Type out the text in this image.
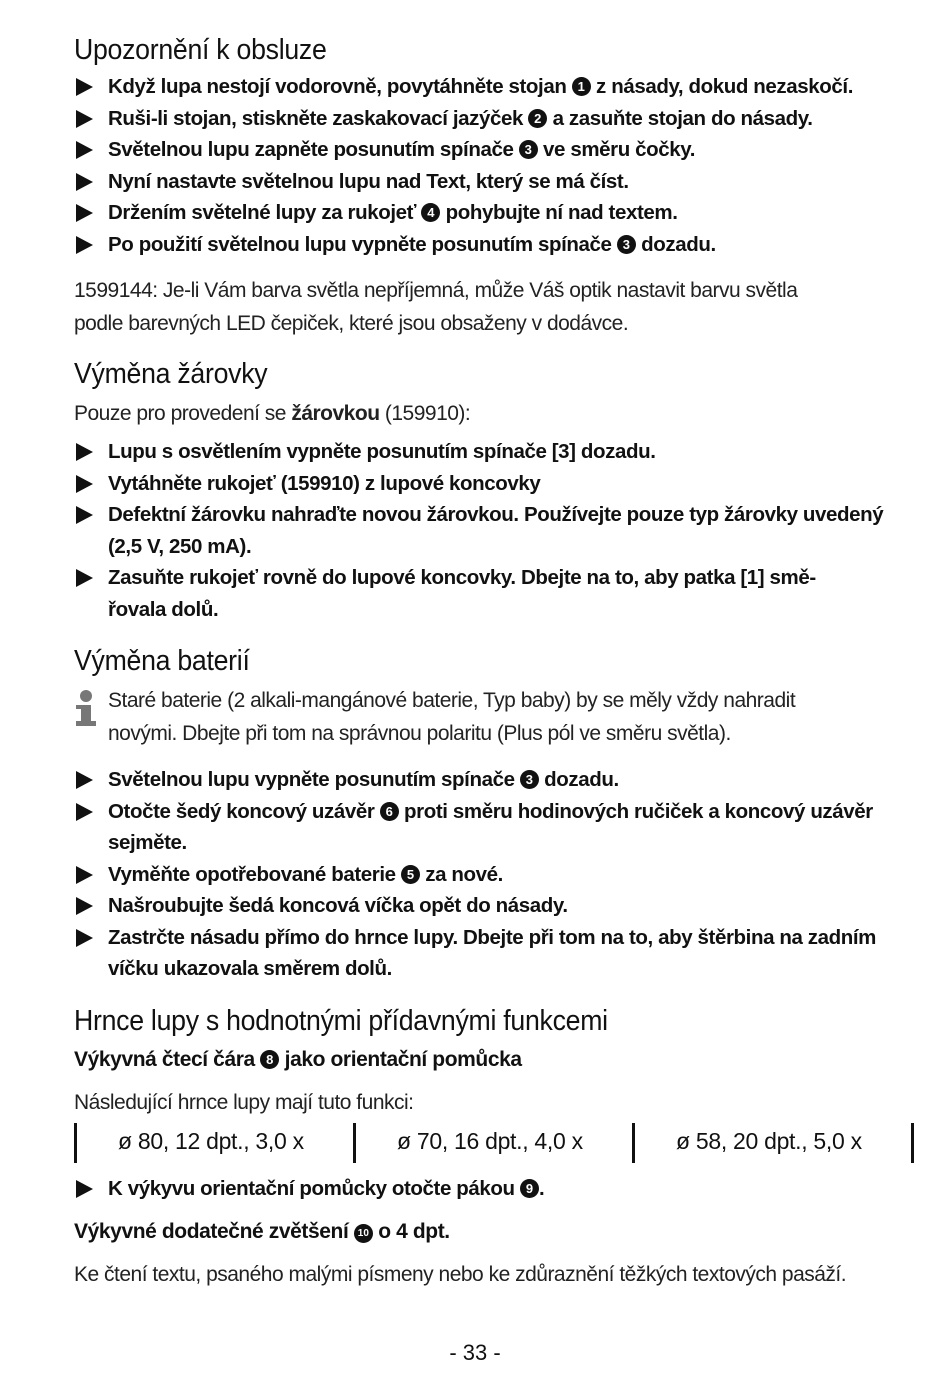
Upozornění k obsluze
Když lupa nestojí vodorovně, povytáhněte stojan 1 z násady, dokud nezaskočí.
Ruši-li stojan, stiskněte zaskakovací jazýček 2 a zasuňte stojan do násady.
Světelnou lupu zapněte posunutím spínače 3 ve směru čočky.
Nyní nastavte světelnou lupu nad Text, který se má číst.
Držením světelné lupy za rukojeť 4 pohybujte ní nad textem.
Po použití světelnou lupu vypněte posunutím spínače 3 dozadu.

1599144: Je-li Vám barva světla nepříjemná, může Váš optik nastavit barvu světla
podle barevných LED čepiček, které jsou obsaženy v dodávce.

Výměna žárovky

Pouze pro provedení se žárovkou (159910):

Lupu s osvětlením vypněte posunutím spínače [3] dozadu.
Vytáhněte rukojeť (159910) z lupové koncovky
Defektní žárovku nahraďte novou žárovkou. Používejte pouze typ žárovky uvedený
(2,5 V, 250 mA).
Zasuňte rukojeť rovně do lupové koncovky. Dbejte na to, aby patka [1] smě-
řovala dolů.
Výměna baterií
Staré baterie (2 alkali-mangánové baterie, Typ baby) by se měly vždy nahradit
novými. Dbejte při tom na správnou polaritu (Plus pól ve směru světla).
Světelnou lupu vypněte posunutím spínače 3 dozadu.
Otočte šedý koncový uzávěr 6 proti směru hodinových ručiček a koncový uzávěr
sejměte.
Vyměňte opotřebované baterie 5 za nové.
Našroubujte šedá koncová víčka opět do násady.
Zastrčte násadu přímo do hrnce lupy. Dbejte při tom na to, aby štěrbina na zadním
víčku ukazovala směrem dolů.
Hrnce lupy s hodnotnými přídavnými funkcemi

Výkyvná čtecí čára 8 jako orientační pomůcka

Následující hrnce lupy mají tuto funkci:

ø 80, 12 dpt., 3,0 x	ø 70, 16 dpt., 4,0 x	ø 58, 20 dpt., 5,0 x
K výkyvu orientační pomůcky otočte pákou 9 .

Výkyvné dodatečné zvětšení 10 o 4 dpt.

Ke čtení textu, psaného malými písmeny nebo ke zdůraznění těžkých textových pasáží.

- 33 -
